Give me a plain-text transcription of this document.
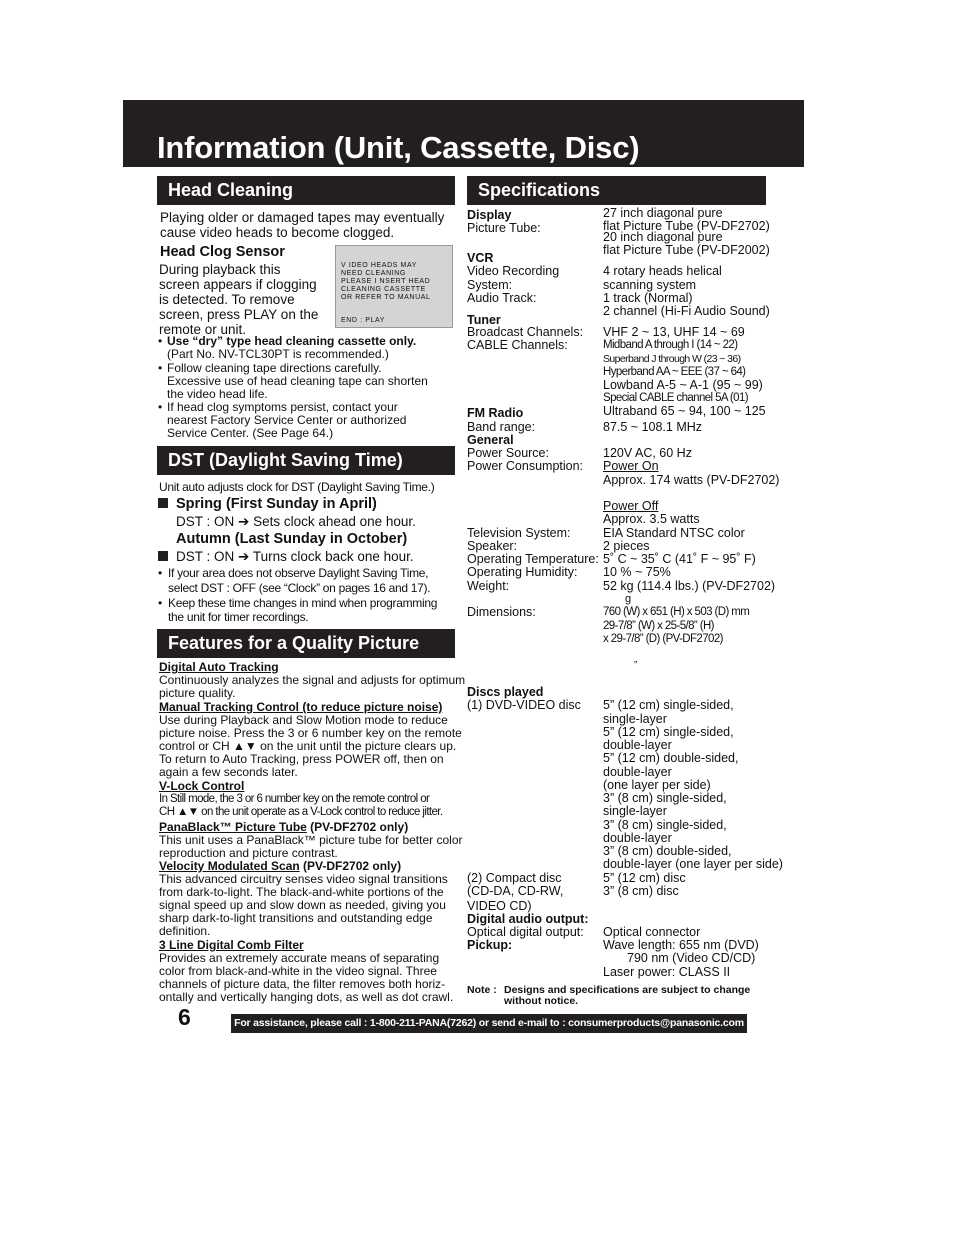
Information (Unit, Cassette, Disc)
Head Cleaning
Playing older or damaged tapes may eventually
cause video heads to become clogged.
Head Clog Sensor
During playback this
screen appears if clogging
is detected. To remove
screen, press PLAY on the
remote or unit.
V IDEO HEADS MAY
NEED CLEANING
PLEASE I NSERT HEAD
CLEANING CASSETTE
OR REFER TO MANUAL
END : PLAY
• Use “dry” type head cleaning cassette only.
(Part No. NV-TCL30PT is recommended.)
• Follow cleaning tape directions carefully.
Excessive use of head cleaning tape can shorten
the video head life.
• If head clog symptoms persist, contact your
nearest Factory Service Center or authorized
Service Center. (See Page 64.)
DST (Daylight Saving Time)
Unit auto adjusts clock for DST (Daylight Saving Time.)
Spring (First Sunday in April)
DST : ON ➔ Sets clock ahead one hour.
Autumn (Last Sunday in October)
DST : ON ➔ Turns clock back one hour.
• If your area does not observe Daylight Saving Time,
select DST : OFF (see “Clock” on pages 16 and 17).
• Keep these time changes in mind when programming
the unit for timer recordings.
Features for a Quality Picture
Digital Auto Tracking
Continuously analyzes the signal and adjusts for optimum
picture quality.
Manual Tracking Control (to reduce picture noise)
Use during Playback and Slow Motion mode to reduce
picture noise. Press the 3 or 6 number key on the remote
control or CH ▲▼ on the unit until the picture clears up.
To return to Auto Tracking, press POWER off, then on
again a few seconds later.
V-Lock Control
In Still mode, the 3 or 6 number key on the remote control or
CH ▲▼ on the unit operate as a V-Lock control to reduce jitter.
PanaBlack™ Picture Tube (PV-DF2702 only)
This unit uses a PanaBlack™ picture tube for better color
reproduction and picture contrast.
Velocity Modulated Scan (PV-DF2702 only)
This advanced circuitry senses video signal transitions
from dark-to-light. The black-and-white portions of the
signal speed up and slow down as needed, giving you
sharp dark-to-light transitions and outstanding edge
definition.
3 Line Digital Comb Filter
Provides an extremely accurate means of separating
color from black-and-white in the video signal. Three
channels of picture data, the filter removes both horiz-
ontally and vertically hanging dots, as well as dot crawl.
Specifications
Display
Picture Tube:
VCR
Video Recording
System:
Audio Track:
Tuner
Broadcast Channels:
CABLE Channels:
FM Radio
Band range:
General
Power Source:
Power Consumption:
Television System:
Speaker:
Operating Temperature:
Operating Humidity:
Weight:
Dimensions:
Discs played
(1) DVD-VIDEO disc
(2) Compact disc
(CD-DA, CD-RW,
VIDEO CD)
Digital audio output:
Optical digital output:
Pickup:
27 inch diagonal pure
flat Picture Tube (PV-DF2702)
20 inch diagonal pure
flat Picture Tube (PV-DF2002)
4 rotary heads helical
scanning system
1 track (Normal)
2 channel (Hi-Fi Audio Sound)
VHF 2 ~ 13, UHF 14 ~ 69
Midband A through I (14 ~ 22)
Superband J through W (23 ~ 36)
Hyperband AA ~ EEE (37 ~ 64)
Lowband A-5 ~ A-1 (95 ~ 99)
Special CABLE channel 5A (01)
Ultraband 65 ~ 94, 100 ~ 125
87.5 ~ 108.1 MHz
120V AC, 60 Hz
Power On
Approx. 174 watts (PV-DF2702)
Power Off
Approx. 3.5 watts
EIA Standard NTSC color
2 pieces
5˚ C ~ 35˚ C (41˚ F ~ 95˚ F)
10 % ~ 75%
52 kg (114.4 lbs.) (PV-DF2702)
g
760 (W) x 651 (H) x 503 (D) mm
29-7/8” (W) x 25-5/8” (H)
x 29-7/8” (D) (PV-DF2702)
”
5” (12 cm) single-sided,
single-layer
5” (12 cm) single-sided,
double-layer
5” (12 cm) double-sided,
double-layer
(one layer per side)
3” (8 cm) single-sided,
single-layer
3” (8 cm) single-sided,
double-layer
3” (8 cm) double-sided,
double-layer (one layer per side)
5” (12 cm) disc
3” (8 cm) disc
Optical connector
Wave length: 655 nm (DVD)
790 nm (Video CD/CD)
Laser power: CLASS II
Note : Designs and specifications are subject to change
without notice.
6	For assistance, please call : 1-800-211-PANA(7262) or send e-mail to : consumerproducts@panasonic.com
